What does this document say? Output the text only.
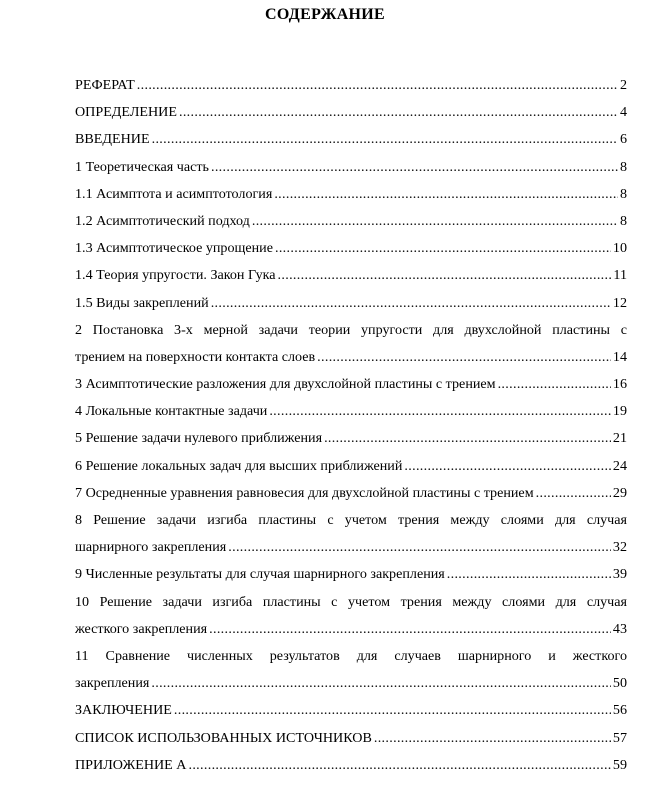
СОДЕРЖАНИЕ
РЕФЕРАТ . . .	2
ОПРЕДЕЛЕНИЕ . . .	4
ВВЕДЕНИЕ . . .	6
1 Теоретическая часть . . .	8
1.1 Асимптота и асимптотология . . .	8
1.2 Асимптотический подход . . .	8
1.3 Асимптотическое упрощение . . .	10
1.4 Теория упругости. Закон Гука . . .	11
1.5 Виды закреплений . . .	12
2 Постановка 3-х мерной задачи теории упругости для двухслойной пластины с
трением на поверхности контакта слоев . . .	14
3 Асимптотические разложения для двухслойной пластины с трением . . .	16
4 Локальные контактные задачи . . .	19
5 Решение задачи нулевого приближения . . .	21
6 Решение локальных задач для высших приближений . . .	24
7 Осредненные уравнения равновесия для двухслойной пластины с трением . . .	29
8 Решение задачи изгиба пластины с учетом трения между слоями для случая
шарнирного закрепления . . .	32
9 Численные результаты для случая шарнирного закрепления . . .	39
10 Решение задачи изгиба пластины с учетом трения между слоями для случая
жесткого закрепления . . .	43
11 Сравнение численных результатов для случаев шарнирного и жесткого
закрепления . . .	50
ЗАКЛЮЧЕНИЕ . . .	56
СПИСОК ИСПОЛЬЗОВАННЫХ ИСТОЧНИКОВ . . .	57
ПРИЛОЖЕНИЕ А . . .	59
